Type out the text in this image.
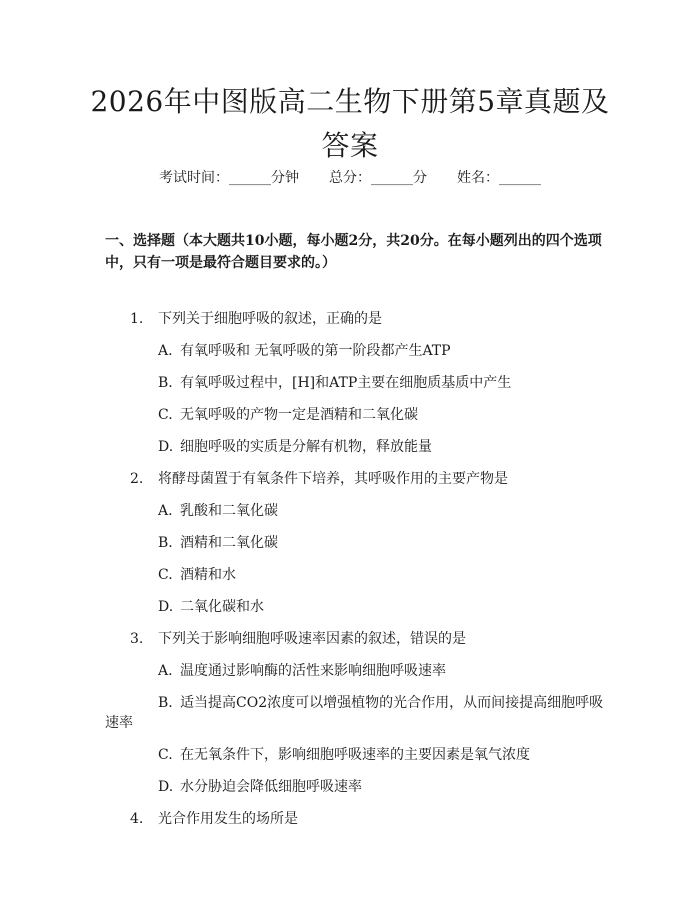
2026年中图版高二生物下册第5章真题及答案
考试时间：______分钟 总分：______分 姓名：______
一、选择题（本大题共10小题，每小题2分，共20分。在每小题列出的四个选项中，只有一项是最符合题目要求的。）
1. 下列关于细胞呼吸的叙述，正确的是
A. 有氧呼吸和 无氧呼吸的第一阶段都产生ATP
B. 有氧呼吸过程中，[H]和ATP主要在细胞质基质中产生
C. 无氧呼吸的产物一定是酒精和二氧化碳
D. 细胞呼吸的实质是分解有机物，释放能量
2. 将酵母菌置于有氧条件下培养，其呼吸作用的主要产物是
A. 乳酸和二氧化碳
B. 酒精和二氧化碳
C. 酒精和水
D. 二氧化碳和水
3. 下列关于影响细胞呼吸速率因素的叙述，错误的是
A. 温度通过影响酶的活性来影响细胞呼吸速率
B. 适当提高CO2浓度可以增强植物的光合作用，从而间接提高细胞呼吸速率
C. 在无氧条件下，影响细胞呼吸速率的主要因素是氧气浓度
D. 水分胁迫会降低细胞呼吸速率
4. 光合作用发生的场所是
